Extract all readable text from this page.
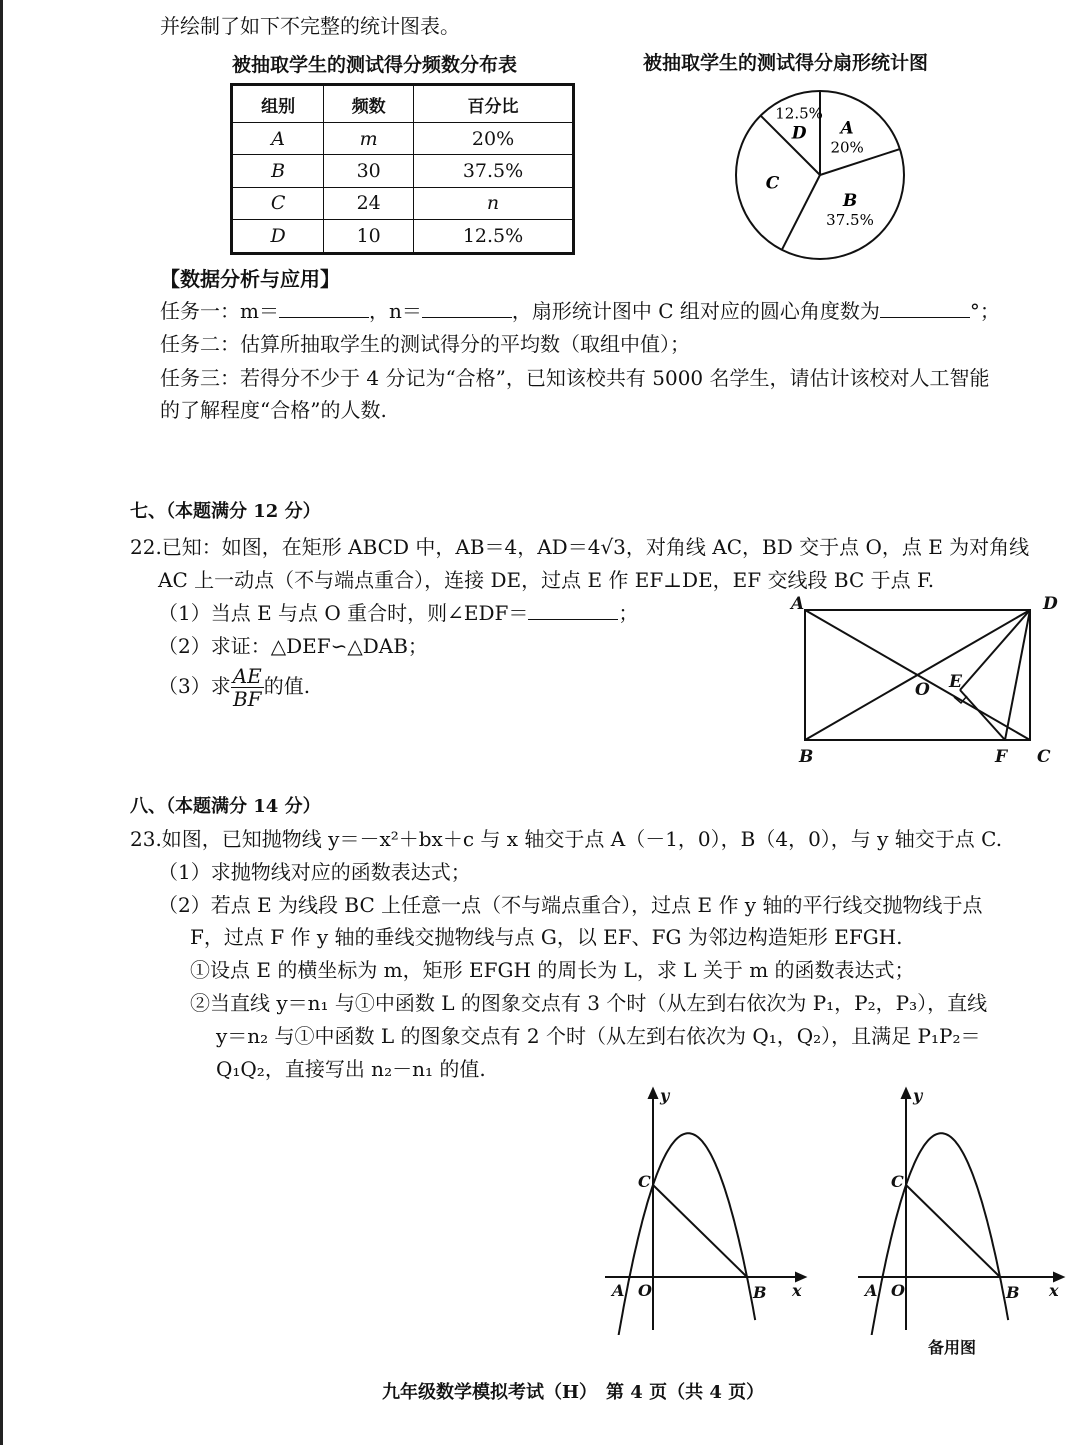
并绘制了如下不完整的统计图表。
被抽取学生的测试得分频数分布表
组别	频数	百分比
A	m	20%
B	30	37.5%
C	24	n
D	10	12.5%
被抽取学生的测试得分扇形统计图
A
20%
B
37.5%
C
D
12.5%
【数据分析与应用】
任务一：m＝	，n＝	，扇形统计图中 C 组对应的圆心角度数为	°；
任务二：估算所抽取学生的测试得分的平均数（取组中值）；
任务三：若得分不少于 4 分记为“合格”，已知该校共有 5000 名学生，请估计该校对人工智能
的了解程度“合格”的人数.
七、（本题满分 12 分）
22.已知：如图，在矩形 ABCD 中，AB＝4，AD＝4√3，对角线 AC，BD 交于点 O，点 E 为对角线
AC 上一动点（不与端点重合），连接 DE，过点 E 作 EF⊥DE，EF 交线段 BC 于点 F.
（1）当点 E 与点 O 重合时，则∠EDF＝	；
（2）求证：△DEF∽△DAB；
（3）求 $\frac{AE}{BF}$ 的值.
A	D
B	F C
O E
八、（本题满分 14 分）
23.如图，已知抛物线 y＝－x²＋bx＋c 与 x 轴交于点 A（－1，0），B（4，0），与 y 轴交于点 C.
（1）求抛物线对应的函数表达式；
（2）若点 E 为线段 BC 上任意一点（不与端点重合），过点 E 作 y 轴的平行线交抛物线于点
F，过点 F 作 y 轴的垂线交抛物线与点 G，以 EF、FG 为邻边构造矩形 EFGH.
①设点 E 的横坐标为 m，矩形 EFGH 的周长为 L，求 L 关于 m 的函数表达式；
②当直线 y＝n₁ 与①中函数 L 的图象交点有 3 个时（从左到右依次为 P₁，P₂，P₃），直线
y＝n₂ 与①中函数 L 的图象交点有 2 个时（从左到右依次为 Q₁，Q₂），且满足 P₁P₂＝
Q₁Q₂，直接写出 n₂－n₁ 的值.
y
x
A O	B
C
y
x
A O	B
C
备用图
九年级数学模拟考试（H）　第 4 页（共 4 页）
